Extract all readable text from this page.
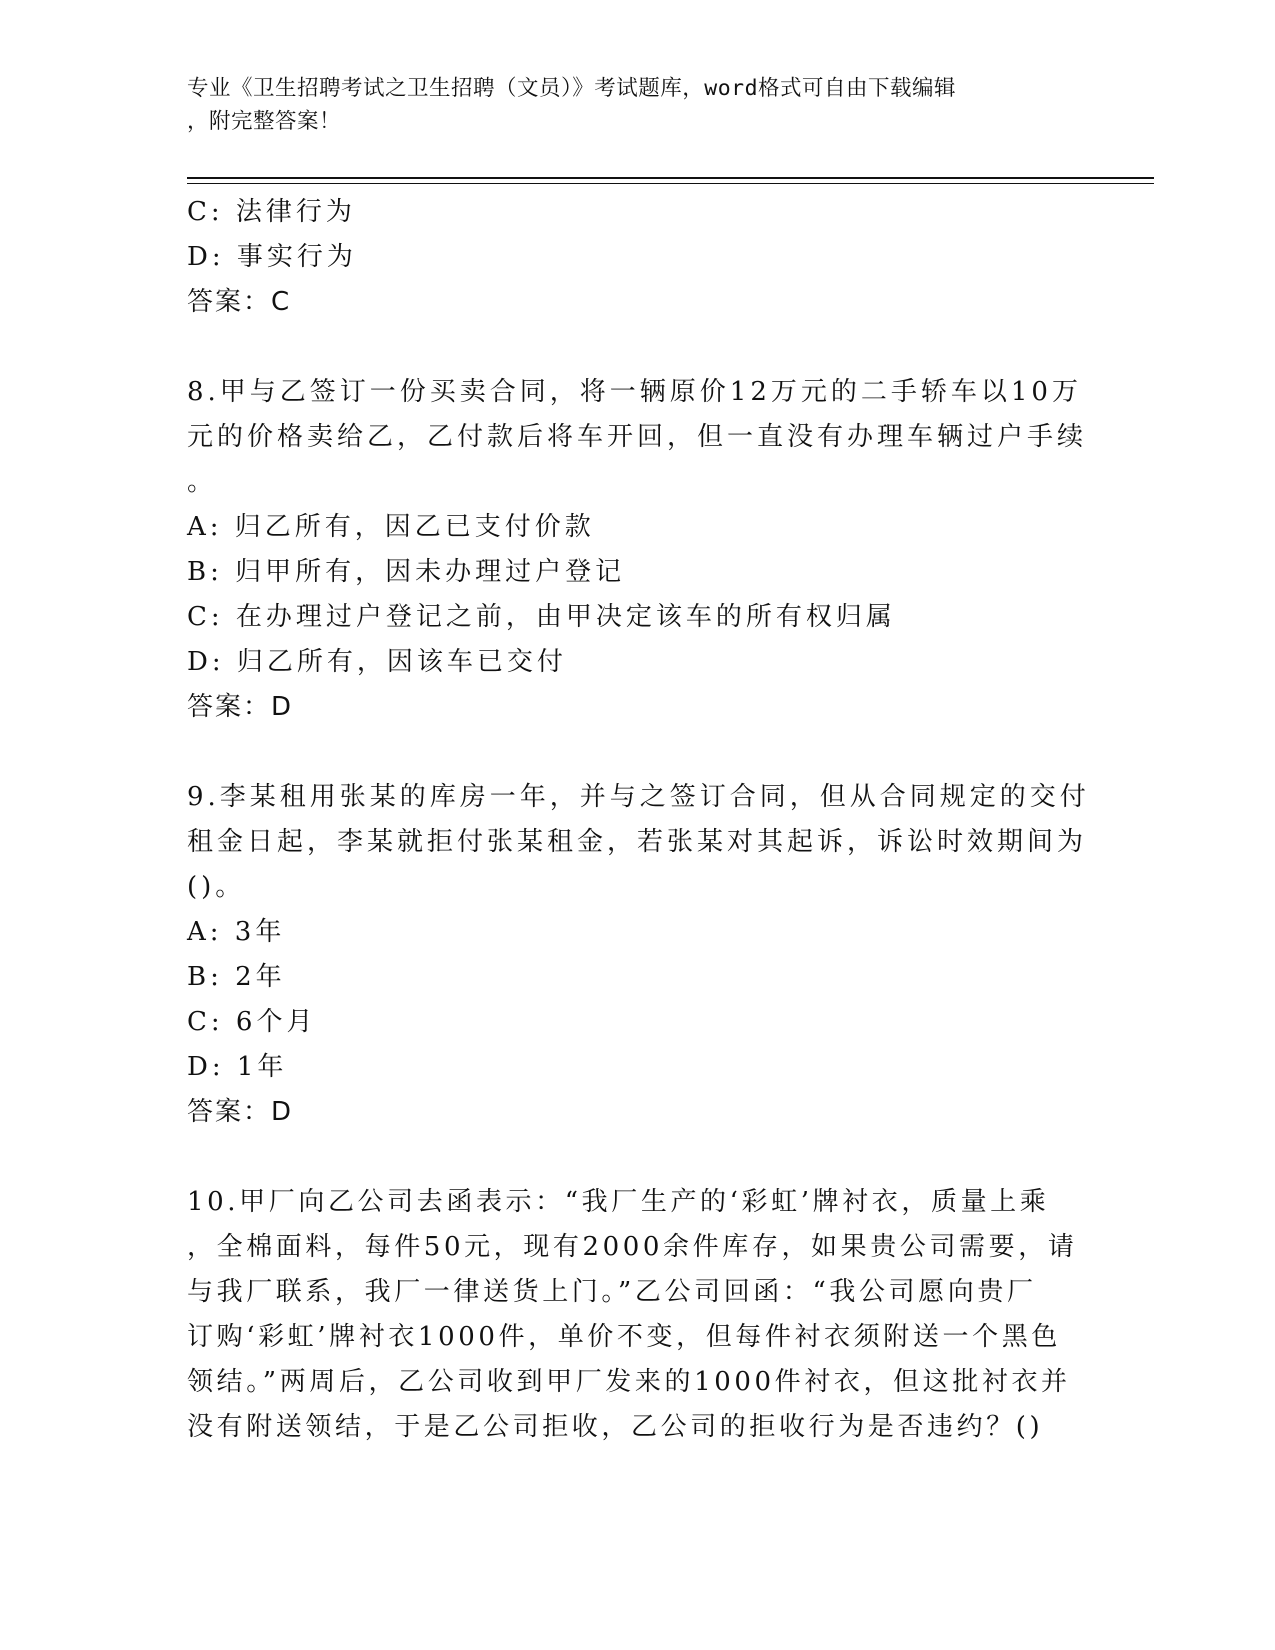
专业《卫生招聘考试之卫生招聘（文员）》考试题库，word格式可自由下载编辑
，附完整答案！
C: 法律行为
D: 事实行为
答案：C
8.甲与乙签订一份买卖合同，将一辆原价12万元的二手轿车以10万
元的价格卖给乙，乙付款后将车开回，但一直没有办理车辆过户手续
。
A: 归乙所有，因乙已支付价款
B: 归甲所有，因未办理过户登记
C: 在办理过户登记之前，由甲决定该车的所有权归属
D: 归乙所有，因该车已交付
答案：D
9.李某租用张某的库房一年，并与之签订合同，但从合同规定的交付
租金日起，李某就拒付张某租金，若张某对其起诉，诉讼时效期间为
()。
A: 3年
B: 2年
C: 6个月
D: 1年
答案：D
10.甲厂向乙公司去函表示：“我厂生产的‘彩虹’牌衬衣，质量上乘
，全棉面料，每件50元，现有2000余件库存，如果贵公司需要，请
与我厂联系，我厂一律送货上门。”乙公司回函：“我公司愿向贵厂
订购‘彩虹’牌衬衣1000件，单价不变，但每件衬衣须附送一个黑色
领结。”两周后，乙公司收到甲厂发来的1000件衬衣，但这批衬衣并
没有附送领结，于是乙公司拒收，乙公司的拒收行为是否违约？()
